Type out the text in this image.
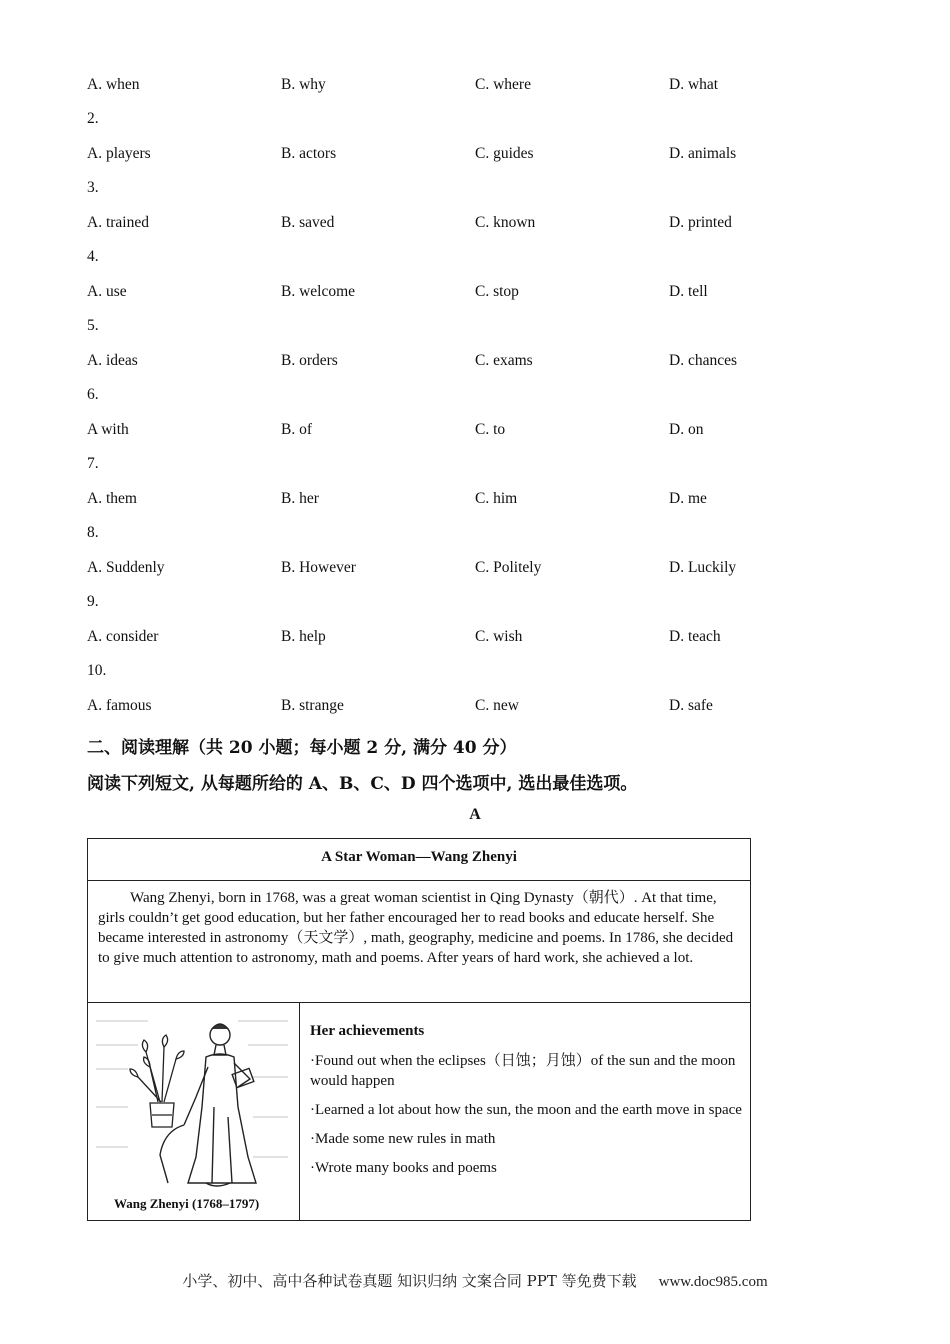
A. when	B. why	C. where	D. what
2.
A. players	B. actors	C. guides	D. animals
3.
A. trained	B. saved	C. known	D. printed
4.
A. use	B. welcome	C. stop	D. tell
5.
A. ideas	B. orders	C. exams	D. chances
6.
A with	B. of	C. to	D. on
7.
A. them	B. her	C. him	D. me
8.
A. Suddenly	B. However	C. Politely	D. Luckily
9.
A. consider	B. help	C. wish	D. teach
10.
A. famous	B. strange	C. new	D. safe
二、阅读理解（共 20 小题；每小题 2 分, 满分 40 分）
阅读下列短文, 从每题所给的 A、B、C、D 四个选项中, 选出最佳选项。
A
A Star Woman—Wang Zhenyi
Wang Zhenyi, born in 1768, was a great woman scientist in Qing Dynasty（朝代）. At that time, girls couldn’t get good education, but her father encouraged her to read books and educate herself. She became interested in astronomy（天文学）, math, geography, medicine and poems. In 1786, she decided to give much attention to astronomy, math and poems. After years of hard work, she achieved a lot.
Wang Zhenyi (1768–1797)
Her achievements
·Found out when the eclipses（日蚀；月蚀）of the sun and the moon would happen
·Learned a lot about how the sun, the moon and the earth move in space
·Made some new rules in math
·Wrote many books and poems
小学、初中、高中各种试卷真题 知识归纳 文案合同 PPT 等免费下载 www.doc985.com
